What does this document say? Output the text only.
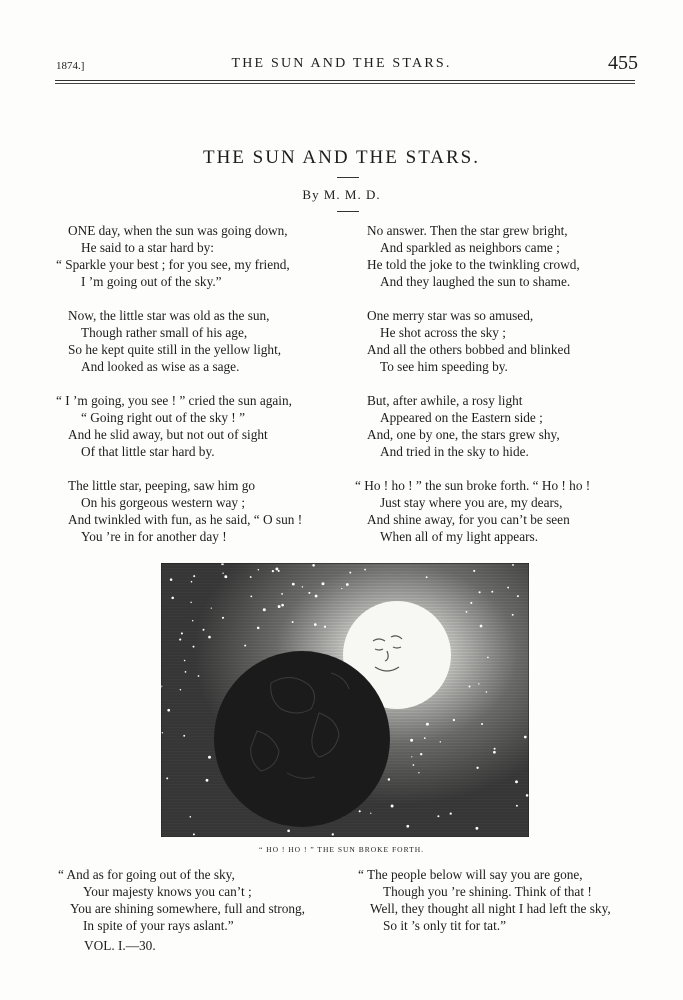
1874.]	THE SUN AND THE STARS.	455
THE SUN AND THE STARS.
By M. M. D.
ONE day, when the sun was going down,
He said to a star hard by:
“ Sparkle your best ; for you see, my friend,
I ’m going out of the sky.”
Now, the little star was old as the sun,
Though rather small of his age,
So he kept quite still in the yellow light,
And looked as wise as a sage.
“ I ’m going, you see ! ” cried the sun again,
“ Going right out of the sky ! ”
And he slid away, but not out of sight
Of that little star hard by.
The little star, peeping, saw him go
On his gorgeous western way ;
And twinkled with fun, as he said, “ O sun !
You ’re in for another day !
No answer. Then the star grew bright,
And sparkled as neighbors came ;
He told the joke to the twinkling crowd,
And they laughed the sun to shame.
One merry star was so amused,
He shot across the sky ;
And all the others bobbed and blinked
To see him speeding by.
But, after awhile, a rosy light
Appeared on the Eastern side ;
And, one by one, the stars grew shy,
And tried in the sky to hide.
“ Ho ! ho ! ” the sun broke forth. “ Ho ! ho !
Just stay where you are, my dears,
And shine away, for you can’t be seen
When all of my light appears.
“ HO ! HO ! ” THE SUN BROKE FORTH.
“ And as for going out of the sky,
Your majesty knows you can’t ;
You are shining somewhere, full and strong,
In spite of your rays aslant.”
VOL. I.—30.
“ The people below will say you are gone,
Though you ’re shining. Think of that !
Well, they thought all night I had left the sky,
So it ’s only tit for tat.”
